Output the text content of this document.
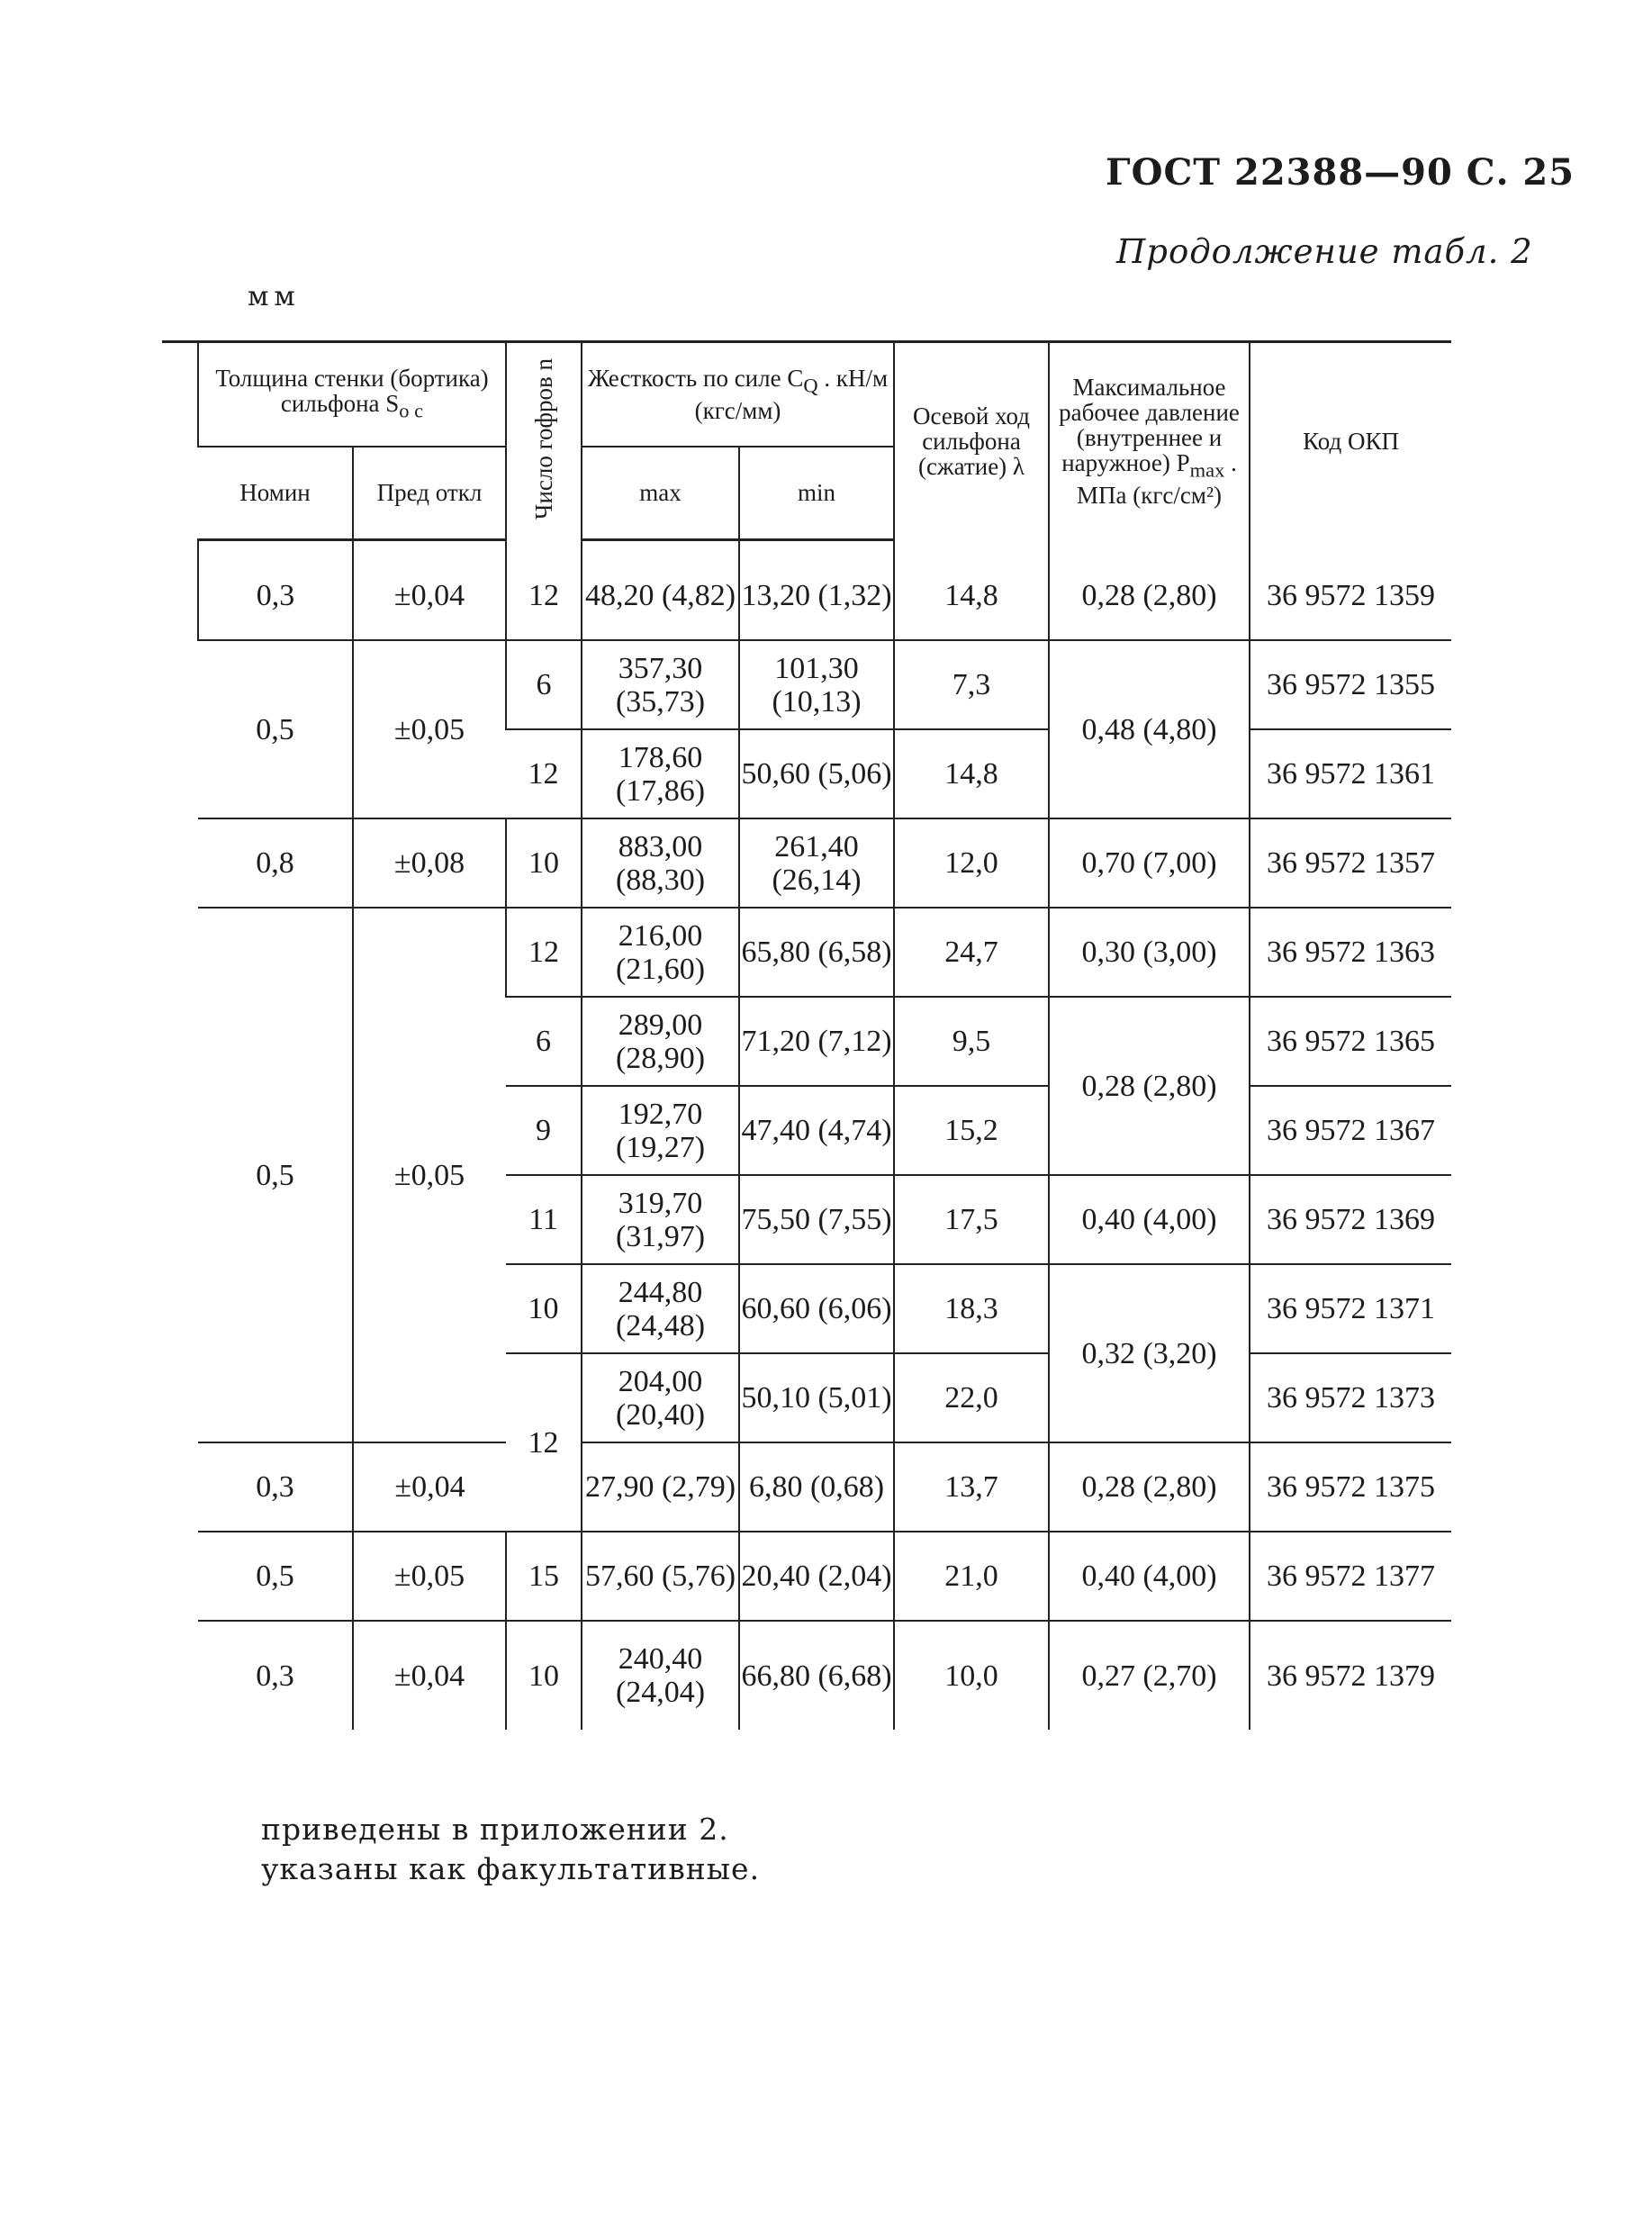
ГОСТ 22388—90 С. 25
Продолжение табл. 2
мм
	Толщина стенки (бортика) сильфона $S_{о с}$		Число гофров n	Жесткость по силе $C_Q$ . кН/м (кгс/мм)		Осевой ход сильфона (сжатие) λ	Максимальное рабочее давление (внутреннее и наружное) $P_{max}$ . МПа (кгс/см²)	Код ОКП
	Номин	Пред откл		max	min			

	0,3	±0,04	12	48,20 (4,82)	13,20 (1,32)	14,8	0,28 (2,80)	36 9572 1359
	0,5	±0,05	6	357,30 (35,73)	101,30 (10,13)	7,3	0,48 (4,80)	36 9572 1355
			12	178,60 (17,86)	50,60 (5,06)	14,8		36 9572 1361
	0,8	±0,08	10	883,00 (88,30)	261,40 (26,14)	12,0	0,70 (7,00)	36 9572 1357
	0,5	±0,05	12	216,00 (21,60)	65,80 (6,58)	24,7	0,30 (3,00)	36 9572 1363
			6	289,00 (28,90)	71,20 (7,12)	9,5	0,28 (2,80)	36 9572 1365
			9	192,70 (19,27)	47,40 (4,74)	15,2		36 9572 1367
			11	319,70 (31,97)	75,50 (7,55)	17,5	0,40 (4,00)	36 9572 1369
			10	244,80 (24,48)	60,60 (6,06)	18,3	0,32 (3,20)	36 9572 1371
			12	204,00 (20,40)	50,10 (5,01)	22,0		36 9572 1373
	0,3	±0,04		27,90 (2,79)	6,80 (0,68)	13,7	0,28 (2,80)	36 9572 1375
	0,5	±0,05	15	57,60 (5,76)	20,40 (2,04)	21,0	0,40 (4,00)	36 9572 1377
	0,3	±0,04	10	240,40 (24,04)	66,80 (6,68)	10,0	0,27 (2,70)	36 9572 1379
приведены в приложении 2.
указаны как факультативные.
